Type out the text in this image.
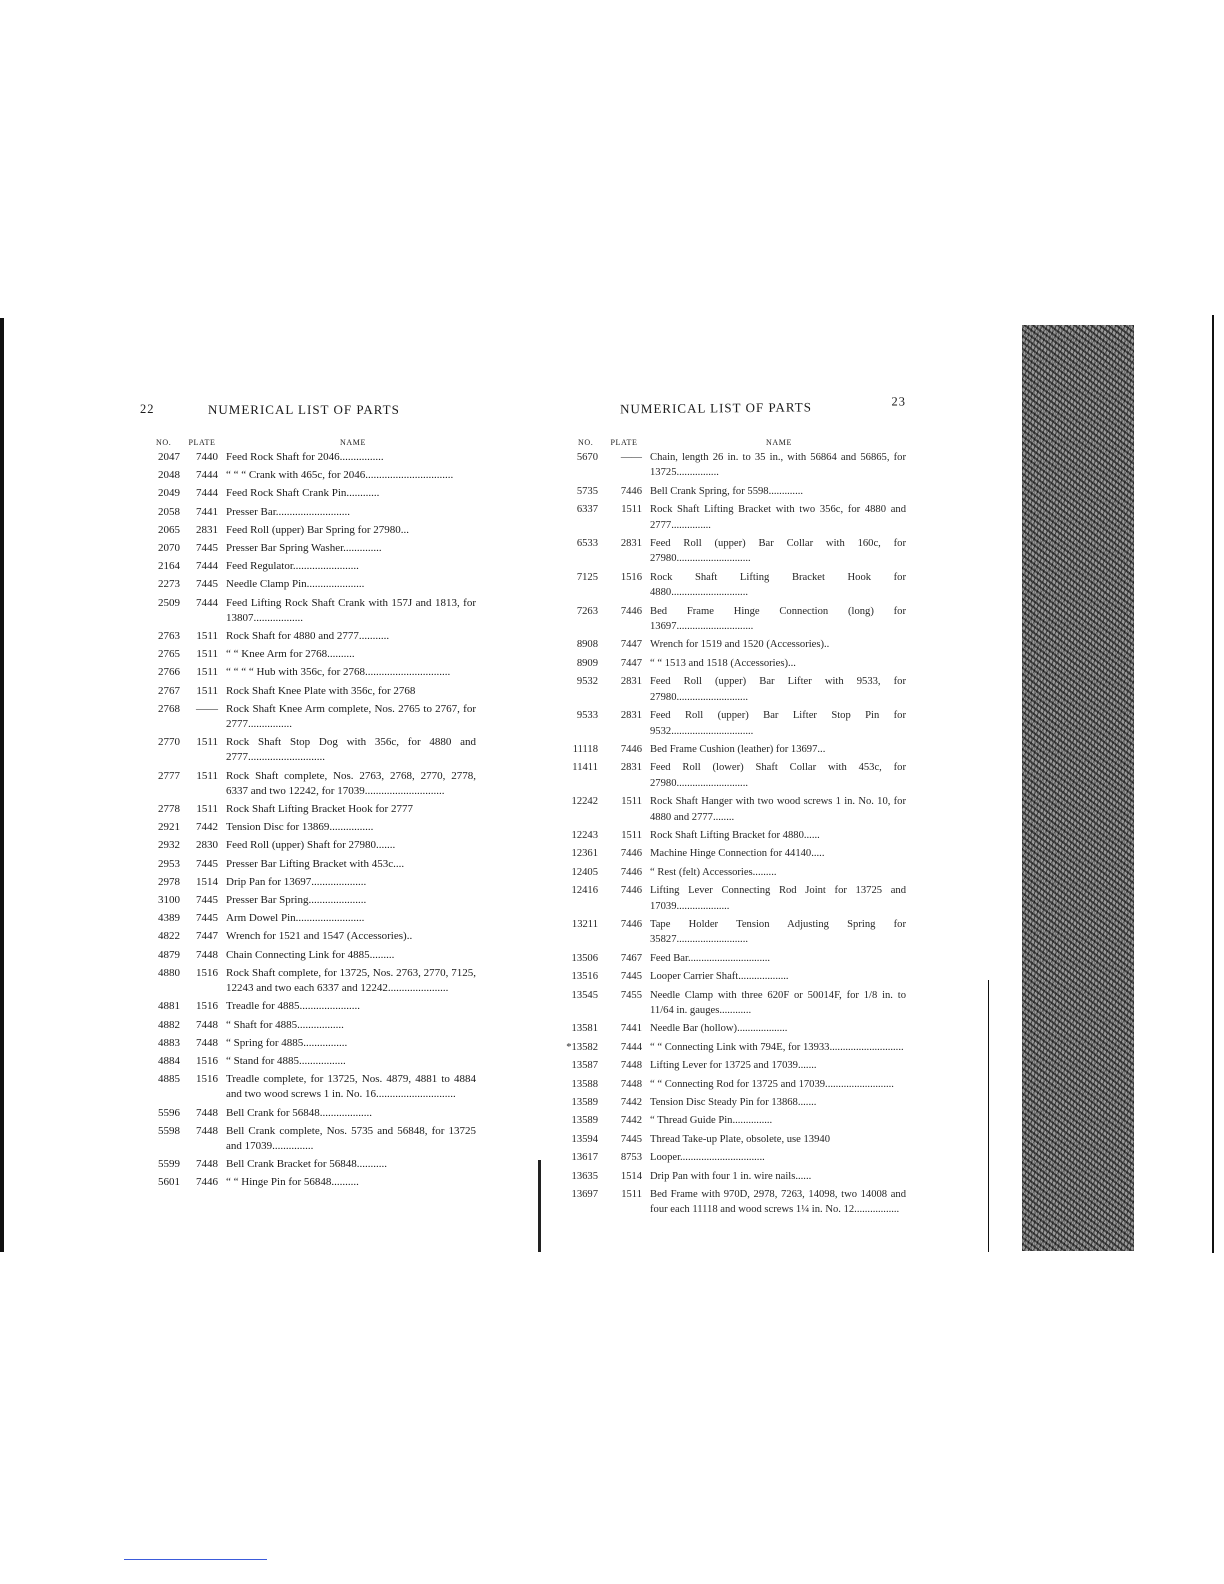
22	NUMERICAL LIST OF PARTS
NO.	PLATE	NAME
2047	7440 Feed Rock Shaft for 2046................
2048	7444 “ “ “ Crank with 465c, for 2046................................
2049	7444 Feed Rock Shaft Crank Pin............
2058	7441 Presser Bar...........................
2065	2831 Feed Roll (upper) Bar Spring for 27980...
2070	7445 Presser Bar Spring Washer..............
2164	7444 Feed Regulator........................
2273	7445 Needle Clamp Pin.....................
2509	7444 Feed Lifting Rock Shaft Crank with 157J and 1813, for 13807..................
2763	1511 Rock Shaft for 4880 and 2777...........
2765	1511 “ “ Knee Arm for 2768..........
2766	1511 “ “ “ “ Hub with 356c, for 2768...............................
2767	1511 Rock Shaft Knee Plate with 356c, for 2768
2768	—— Rock Shaft Knee Arm complete, Nos. 2765 to 2767, for 2777................
2770	1511 Rock Shaft Stop Dog with 356c, for 4880 and 2777............................
2777	1511 Rock Shaft complete, Nos. 2763, 2768, 2770, 2778, 6337 and two 12242, for 17039.............................
2778	1511 Rock Shaft Lifting Bracket Hook for 2777
2921	7442 Tension Disc for 13869................
2932	2830 Feed Roll (upper) Shaft for 27980.......
2953	7445 Presser Bar Lifting Bracket with 453c....
2978	1514 Drip Pan for 13697....................
3100	7445 Presser Bar Spring.....................
4389	7445 Arm Dowel Pin.........................
4822	7447 Wrench for 1521 and 1547 (Accessories)..
4879	7448 Chain Connecting Link for 4885.........
4880	1516 Rock Shaft complete, for 13725, Nos. 2763, 2770, 7125, 12243 and two each 6337 and 12242......................
4881	1516 Treadle for 4885......................
4882	7448 “ Shaft for 4885.................
4883	7448 “ Spring for 4885................
4884	1516 “ Stand for 4885.................
4885	1516 Treadle complete, for 13725, Nos. 4879, 4881 to 4884 and two wood screws 1 in. No. 16.............................
5596	7448 Bell Crank for 56848...................
5598	7448 Bell Crank complete, Nos. 5735 and 56848, for 13725 and 17039...............
5599	7448 Bell Crank Bracket for 56848...........
5601	7446 “ “ Hinge Pin for 56848..........
NUMERICAL LIST OF PARTS	23
NO.	PLATE	NAME
5670	—— Chain, length 26 in. to 35 in., with 56864 and 56865, for 13725................
5735	7446 Bell Crank Spring, for 5598.............
6337	1511 Rock Shaft Lifting Bracket with two 356c, for 4880 and 2777...............
6533	2831 Feed Roll (upper) Bar Collar with 160c, for 27980............................
7125	1516 Rock Shaft Lifting Bracket Hook for 4880.............................
7263	7446 Bed Frame Hinge Connection (long) for 13697.............................
8908	7447 Wrench for 1519 and 1520 (Accessories)..
8909	7447 “ “ 1513 and 1518 (Accessories)...
9532	2831 Feed Roll (upper) Bar Lifter with 9533, for 27980...........................
9533	2831 Feed Roll (upper) Bar Lifter Stop Pin for 9532...............................
11118	7446 Bed Frame Cushion (leather) for 13697...
11411	2831 Feed Roll (lower) Shaft Collar with 453c, for 27980...........................
12242	1511 Rock Shaft Hanger with two wood screws 1 in. No. 10, for 4880 and 2777........
12243	1511 Rock Shaft Lifting Bracket for 4880......
12361	7446 Machine Hinge Connection for 44140.....
12405	7446 “ Rest (felt) Accessories.........
12416	7446 Lifting Lever Connecting Rod Joint for 13725 and 17039....................
13211	7446 Tape Holder Tension Adjusting Spring for 35827...........................
13506	7467 Feed Bar...............................
13516	7445 Looper Carrier Shaft...................
13545	7455 Needle Clamp with three 620F or 50014F, for 1/8 in. to 11/64 in. gauges............
13581	7441 Needle Bar (hollow)...................
*13582	7444 “ “ Connecting Link with 794E, for 13933............................
13587	7448 Lifting Lever for 13725 and 17039.......
13588	7448 “ “ Connecting Rod for 13725 and 17039..........................
13589	7442 Tension Disc Steady Pin for 13868.......
13589	7442 “ Thread Guide Pin...............
13594	7445 Thread Take-up Plate, obsolete, use 13940
13617	8753 Looper................................
13635	1514 Drip Pan with four 1 in. wire nails......
13697	1511 Bed Frame with 970D, 2978, 7263, 14098, two 14008 and four each 11118 and wood screws 1¼ in. No. 12.................
